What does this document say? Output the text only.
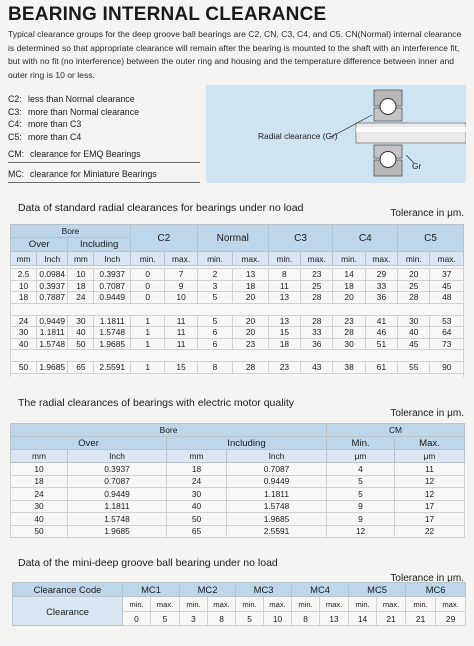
BEARING INTERNAL CLEARANCE
Typical clearance groups for the deep groove ball bearings are C2, CN, C3, C4, and C5. CN(Normal) internal clearance is determined so that appropriate clearance will remain after the bearing is mounted to the shaft with an interference fit, but with no fit (no interference) between the outer ring and housing and the temperature difference between inner and outer ring is 10 or less.
C2: less than Normal clearance
C3: more than Normal clearance
C4: more than C3
C5: more than C4
CM: clearance for EMQ Bearings
MC: clearance for Miniature Bearings
Radial clearance (Gr)
Gr
Data of standard radial clearances for bearings under no load	Tolerance in μm.
Bore				C2		Normal		C3		C4		C5	
Over		Including											
mm	Inch	mm	Inch	min.	max.	min.	max.	min.	max.	min.	max.	min.	max.

2.5	0.0984	10	0.3937	0	7	2	13	8	23	14	29	20	37
10	0.3937	18	0.7087	0	9	3	18	11	25	18	33	25	45
18	0.7887	24	0.9449	0	10	5	20	13	28	20	36	28	48

24	0.9449	30	1.1811	1	11	5	20	13	28	23	41	30	53
30	1.1811	40	1.5748	1	11	6	20	15	33	28	46	40	64
40	1.5748	50	1.9685	1	11	6	23	18	36	30	51	45	73

50	1.9685	65	2.5591	1	15	8	28	23	43	38	61	55	90

The radial clearances of bearings with electric motor quality
Tolerance in μm.
Bore				CM	
Over		Including		Min.	Max.
mm	Inch	mm	Inch	μm	μm
10	0.3937	18	0.7087	4	11
18	0.7087	24	0.9449	5	12
24	0.9449	30	1.1811	5	12
30	1.1811	40	1.5748	9	17
40	1.5748	50	1.9685	9	17
50	1.9685	65	2.5591	12	22
Data of the mini-deep groove ball bearing under no load
Tolerance in μm.
Clearance Code	MC1		MC2		MC3		MC4		MC5		MC6	
Clearance	min.	max.	min.	max.	min.	max.	min.	max.	min.	max.	min.	max.
	0	5	3	8	5	10	8	13	14	21	21	29
